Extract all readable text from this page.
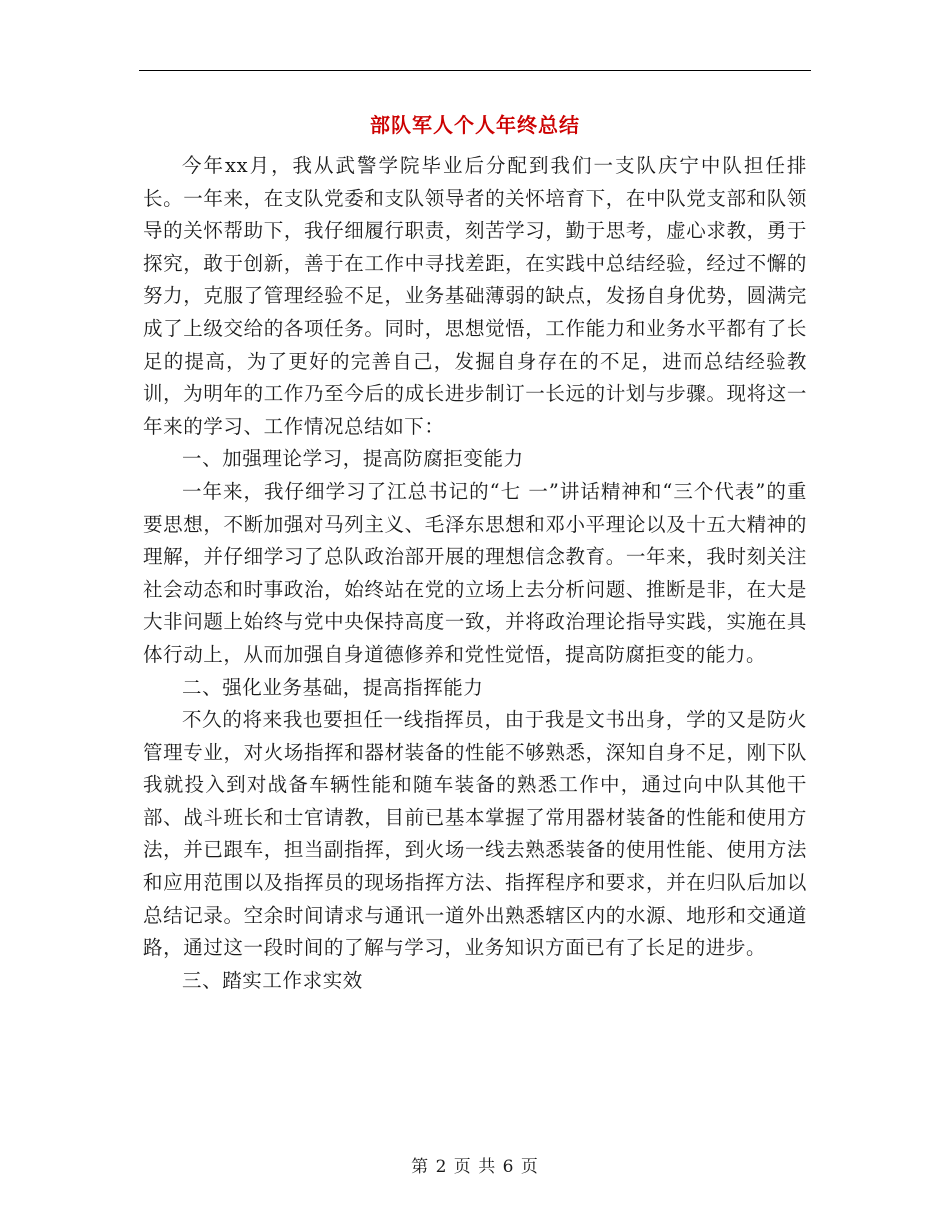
部队军人个人年终总结

今年xx月，我从武警学院毕业后分配到我们一支队庆宁中队担任排长。一年来，在支队党委和支队领导者的关怀培育下，在中队党支部和队领导的关怀帮助下，我仔细履行职责，刻苦学习，勤于思考，虚心求教，勇于探究，敢于创新，善于在工作中寻找差距，在实践中总结经验，经过不懈的努力，克服了管理经验不足，业务基础薄弱的缺点，发扬自身优势，圆满完成了上级交给的各项任务。同时，思想觉悟，工作能力和业务水平都有了长足的提高，为了更好的完善自己，发掘自身存在的不足，进而总结经验教训，为明年的工作乃至今后的成长进步制订一长远的计划与步骤。现将这一年来的学习、工作情况总结如下：

一、加强理论学习，提高防腐拒变能力

一年来，我仔细学习了江总书记的“七 一”讲话精神和“三个代表”的重要思想，不断加强对马列主义、毛泽东思想和邓小平理论以及十五大精神的理解，并仔细学习了总队政治部开展的理想信念教育。一年来，我时刻关注社会动态和时事政治，始终站在党的立场上去分析问题、推断是非，在大是大非问题上始终与党中央保持高度一致，并将政治理论指导实践，实施在具体行动上，从而加强自身道德修养和党性觉悟，提高防腐拒变的能力。

二、强化业务基础，提高指挥能力

不久的将来我也要担任一线指挥员，由于我是文书出身，学的又是防火管理专业，对火场指挥和器材装备的性能不够熟悉，深知自身不足，刚下队我就投入到对战备车辆性能和随车装备的熟悉工作中，通过向中队其他干部、战斗班长和士官请教，目前已基本掌握了常用器材装备的性能和使用方法，并已跟车，担当副指挥，到火场一线去熟悉装备的使用性能、使用方法和应用范围以及指挥员的现场指挥方法、指挥程序和要求，并在归队后加以总结记录。空余时间请求与通讯一道外出熟悉辖区内的水源、地形和交通道路，通过这一段时间的了解与学习，业务知识方面已有了长足的进步。

三、踏实工作求实效

第 2 页 共 6 页
